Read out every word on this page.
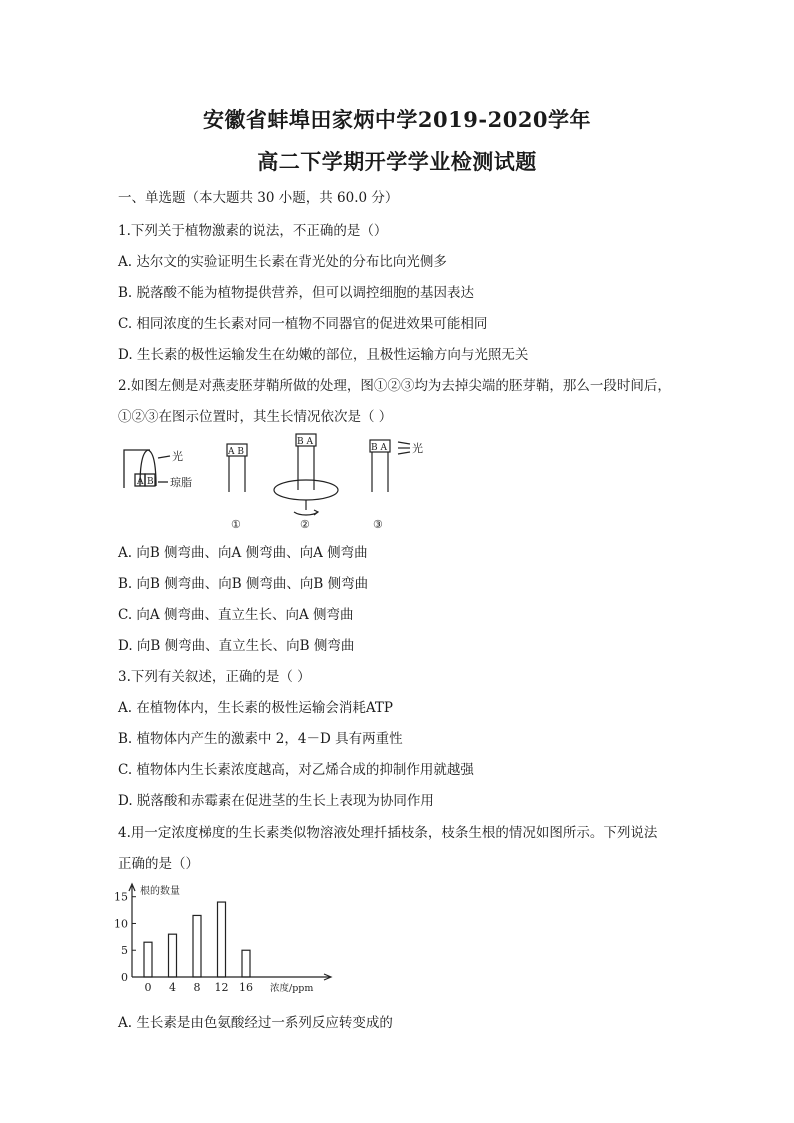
安徽省蚌埠田家炳中学2019-2020学年
高二下学期开学学业检测试题
一、单选题（本大题共 30 小题，共 60.0 分）
1.下列关于植物激素的说法，不正确的是（）
A. 达尔文的实验证明生长素在背光处的分布比向光侧多
B. 脱落酸不能为植物提供营养，但可以调控细胞的基因表达
C. 相同浓度的生长素对同一植物不同器官的促进效果可能相同
D. 生长素的极性运输发生在幼嫩的部位，且极性运输方向与光照无关
2.如图左侧是对燕麦胚芽鞘所做的处理，图①②③均为去掉尖端的胚芽鞘，那么一段时间后，
①②③在图示位置时，其生长情况依次是（ ）
光
琼脂
A B
A B
①
B A
②
B A 光
③
A. 向B 侧弯曲、向A 侧弯曲、向A 侧弯曲
B. 向B 侧弯曲、向B 侧弯曲、向B 侧弯曲
C. 向A 侧弯曲、直立生长、向A 侧弯曲
D. 向B 侧弯曲、直立生长、向B 侧弯曲
3.下列有关叙述，正确的是（ ）
A. 在植物体内，生长素的极性运输会消耗ATP
B. 植物体内产生的激素中 2，4－D 具有两重性
C. 植物体内生长素浓度越高，对乙烯合成的抑制作用就越强
D. 脱落酸和赤霉素在促进茎的生长上表现为协同作用
4.用一定浓度梯度的生长素类似物溶液处理扦插枝条，枝条生根的情况如图所示。下列说法
正确的是（）
根的数量
浓度/ppm
0
5
10
15
0 4 8 12 16
A. 生长素是由色氨酸经过一系列反应转变成的
